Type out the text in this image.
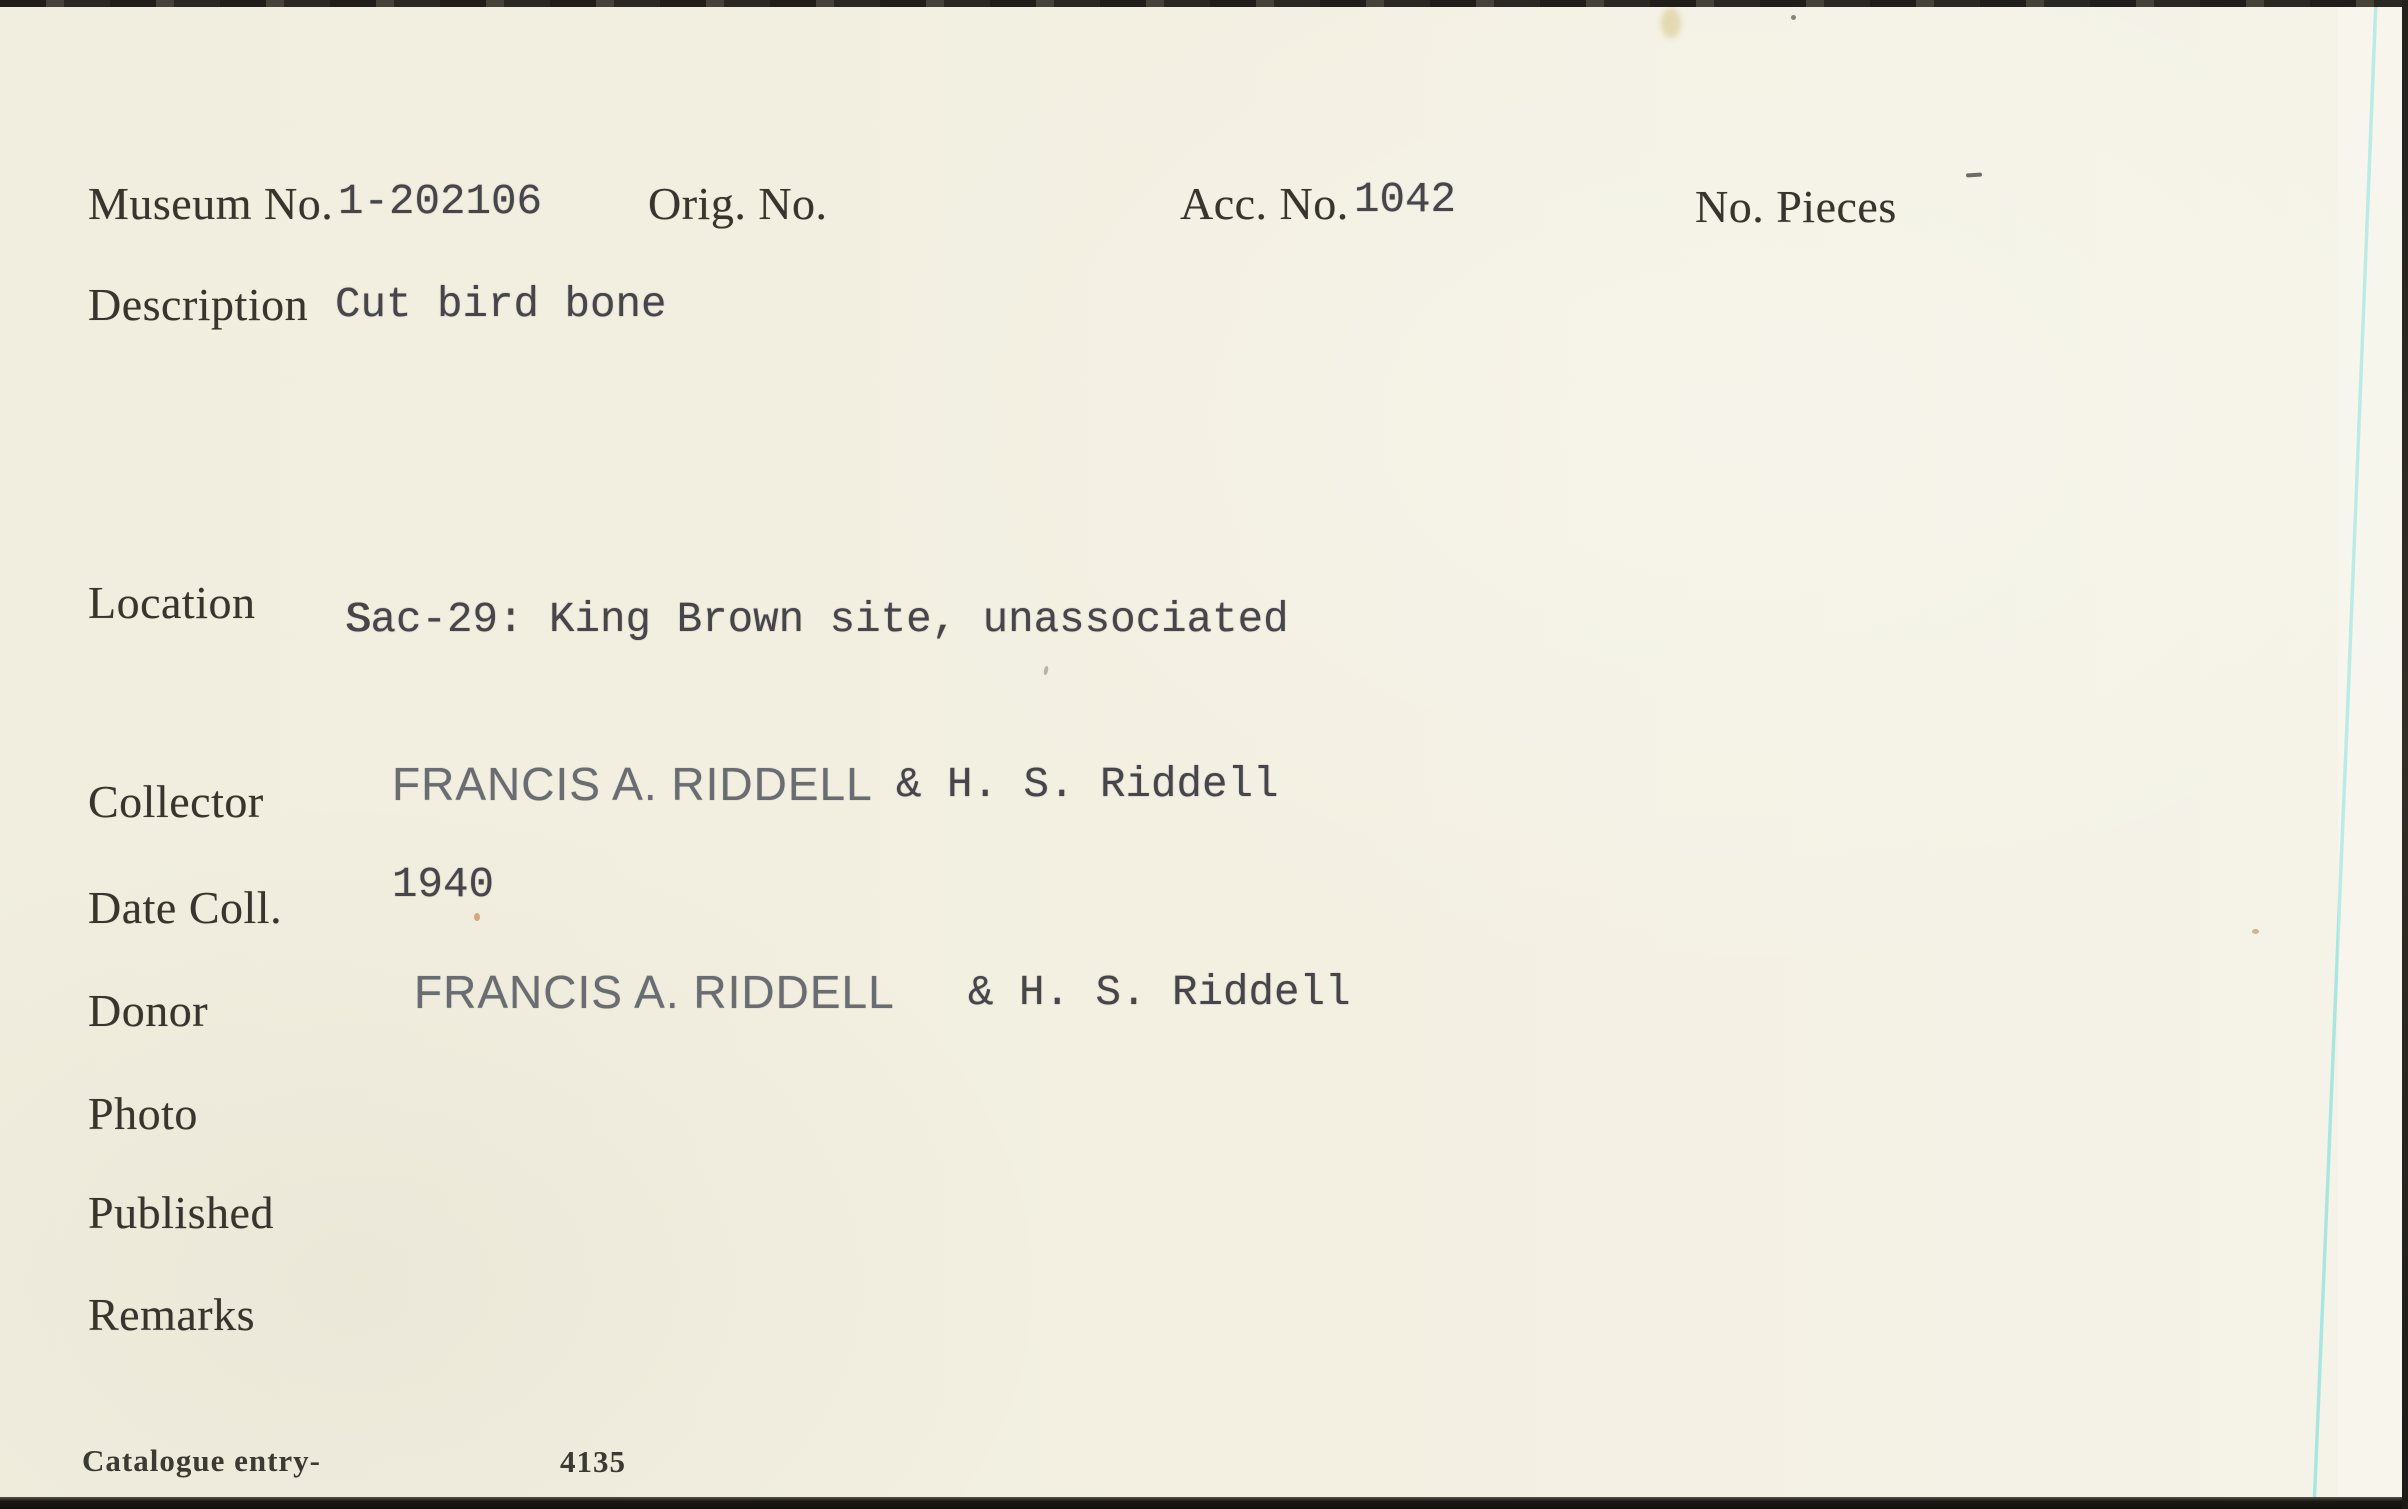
Museum No. 1-202106 Orig. No.	Acc. No. 1042	No. Pieces
Description Cut bird bone
Location Sac-29: King Brown site, unassociated
Collector	FRANCIS A. RIDDELL & H. S. Riddell
Date Coll.	1940
Donor	FRANCIS A. RIDDELL & H. S. Riddell
Photo
Published
Remarks
Catalogue entry-	4135
